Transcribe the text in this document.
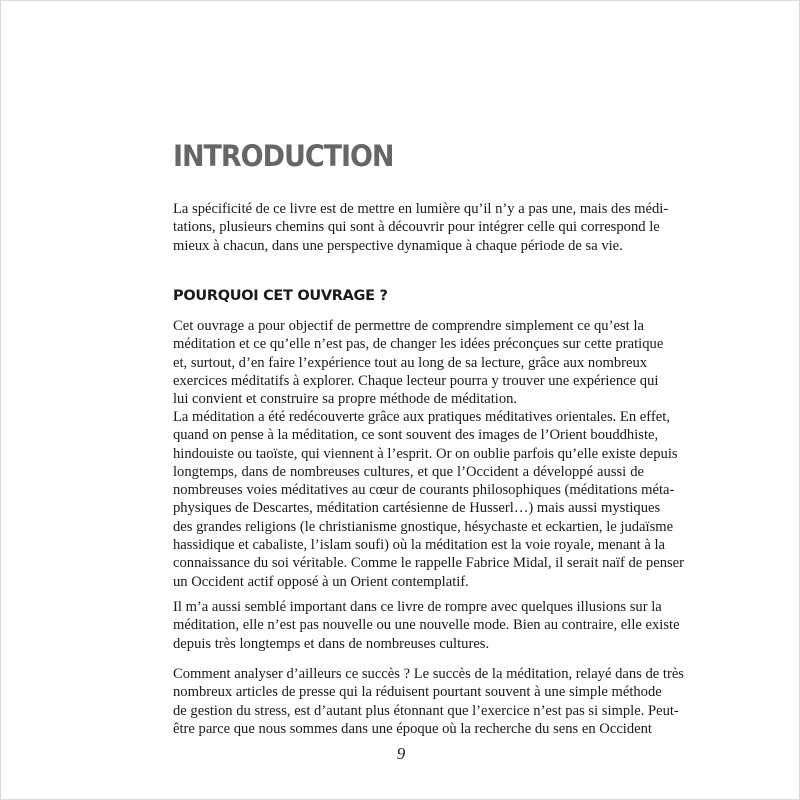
INTRODUCTION
La spécificité de ce livre est de mettre en lumière qu’il n’y a pas une, mais des médi-
tations, plusieurs chemins qui sont à découvrir pour intégrer celle qui correspond le
mieux à chacun, dans une perspective dynamique à chaque période de sa vie.
POURQUOI CET OUVRAGE ?
Cet ouvrage a pour objectif de permettre de comprendre simplement ce qu’est la
méditation et ce qu’elle n’est pas, de changer les idées préconçues sur cette pratique
et, surtout, d’en faire l’expérience tout au long de sa lecture, grâce aux nombreux
exercices méditatifs à explorer. Chaque lecteur pourra y trouver une expérience qui
lui convient et construire sa propre méthode de méditation.
La méditation a été redécouverte grâce aux pratiques méditatives orientales. En effet,
quand on pense à la méditation, ce sont souvent des images de l’Orient bouddhiste,
hindouiste ou taoïste, qui viennent à l’esprit. Or on oublie parfois qu’elle existe depuis
longtemps, dans de nombreuses cultures, et que l’Occident a développé aussi de
nombreuses voies méditatives au cœur de courants philosophiques (méditations méta-
physiques de Descartes, méditation cartésienne de Husserl…) mais aussi mystiques
des grandes religions (le christianisme gnostique, hésychaste et eckartien, le judaïsme
hassidique et cabaliste, l’islam soufi) où la méditation est la voie royale, menant à la
connaissance du soi véritable. Comme le rappelle Fabrice Midal, il serait naïf de penser
un Occident actif opposé à un Orient contemplatif.
Il m’a aussi semblé important dans ce livre de rompre avec quelques illusions sur la
méditation, elle n’est pas nouvelle ou une nouvelle mode. Bien au contraire, elle existe
depuis très longtemps et dans de nombreuses cultures.
Comment analyser d’ailleurs ce succès ? Le succès de la méditation, relayé dans de très
nombreux articles de presse qui la réduisent pourtant souvent à une simple méthode
de gestion du stress, est d’autant plus étonnant que l’exercice n’est pas si simple. Peut-
être parce que nous sommes dans une époque où la recherche du sens en Occident
9
